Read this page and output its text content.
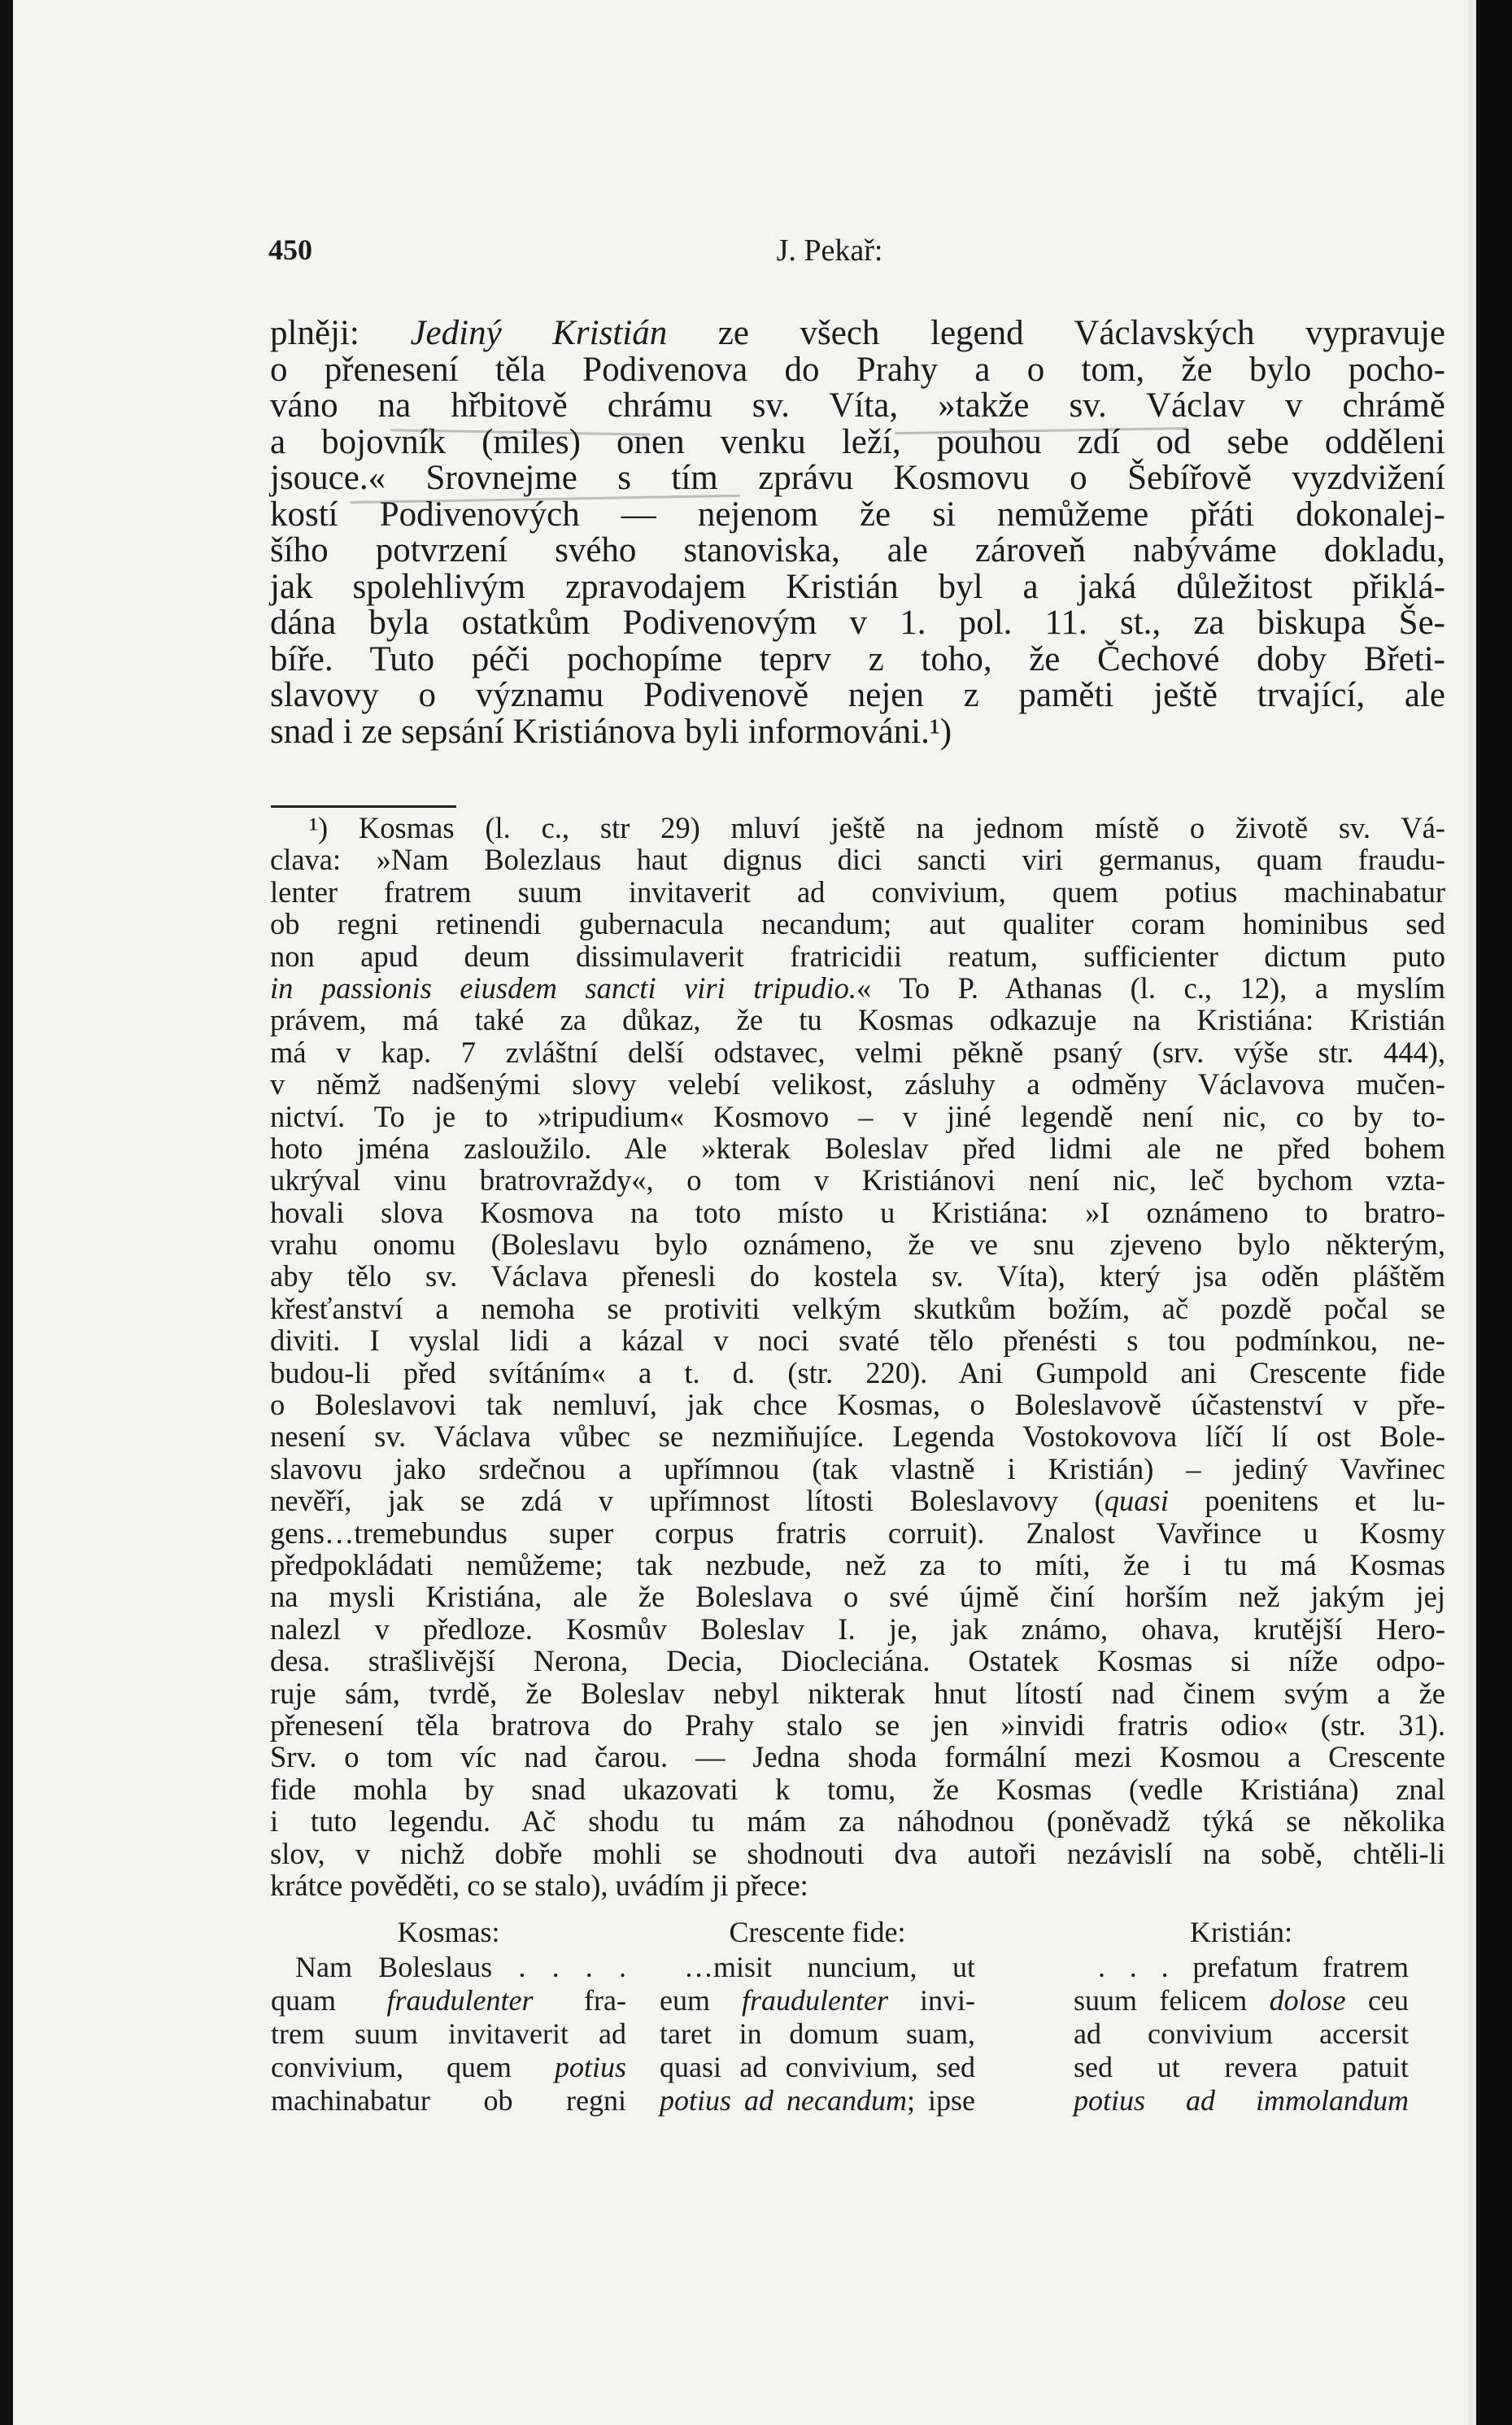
450	J. Pekař:
plněji: Jediný Kristián ze všech legend Václavských vypravuje
o přenesení těla Podivenova do Prahy a o tom, že bylo pocho-
váno na hřbitově chrámu sv. Víta, »takže sv. Václav v chrámě
a bojovník (miles) onen venku leží, pouhou zdí od sebe odděleni
jsouce.« Srovnejme s tím zprávu Kosmovu o Šebířově vyzdvižení
kostí Podivenových — nejenom že si nemůžeme přáti dokonalej-
šího potvrzení svého stanoviska, ale zároveň nabýváme dokladu,
jak spolehlivým zpravodajem Kristián byl a jaká důležitost přiklá-
dána byla ostatkům Podivenovým v 1. pol. 11. st., za biskupa Še-
bíře. Tuto péči pochopíme teprv z toho, že Čechové doby Břeti-
slavovy o významu Podivenově nejen z paměti ještě trvající, ale
snad i ze sepsání Kristiánova byli informováni.¹)
¹) Kosmas (l. c., str 29) mluví ještě na jednom místě o životě sv. Vá-
clava: »Nam Bolezlaus haut dignus dici sancti viri germanus, quam fraudu-
lenter fratrem suum invitaverit ad convivium, quem potius machinabatur
ob regni retinendi gubernacula necandum; aut qualiter coram hominibus sed
non apud deum dissimulaverit fratricidii reatum, sufficienter dictum puto
in passionis eiusdem sancti viri tripudio.« To P. Athanas (l. c., 12), a myslím
právem, má také za důkaz, že tu Kosmas odkazuje na Kristiána: Kristián
má v kap. 7 zvláštní delší odstavec, velmi pěkně psaný (srv. výše str. 444),
v němž nadšenými slovy velebí velikost, zásluhy a odměny Václavova mučen-
nictví. To je to »tripudium« Kosmovo – v jiné legendě není nic, co by to-
hoto jména zasloužilo. Ale »kterak Boleslav před lidmi ale ne před bohem
ukrýval vinu bratrovraždy«, o tom v Kristiánovi není nic, leč bychom vzta-
hovali slova Kosmova na toto místo u Kristiána: »I oznámeno to bratro-
vrahu onomu (Boleslavu bylo oznámeno, že ve snu zjeveno bylo některým,
aby tělo sv. Václava přenesli do kostela sv. Víta), který jsa oděn pláštěm
křesťanství a nemoha se protiviti velkým skutkům božím, ač pozdě počal se
diviti. I vyslal lidi a kázal v noci svaté tělo přenésti s tou podmínkou, ne-
budou-li před svítáním« a t. d. (str. 220). Ani Gumpold ani Crescente fide
o Boleslavovi tak nemluví, jak chce Kosmas, o Boleslavově účastenství v pře-
nesení sv. Václava vůbec se nezmiňujíce. Legenda Vostokovova líčí lí ost Bole-
slavovu jako srdečnou a upřímnou (tak vlastně i Kristián) – jediný Vavřinec
nevěří, jak se zdá v upřímnost lítosti Boleslavovy (quasi poenitens et lu-
gens…tremebundus super corpus fratris corruit). Znalost Vavřince u Kosmy
předpokládati nemůžeme; tak nezbude, než za to míti, že i tu má Kosmas
na mysli Kristiána, ale že Boleslava o své újmě činí horším než jakým jej
nalezl v předloze. Kosmův Boleslav I. je, jak známo, ohava, krutější Hero-
desa. strašlivější Nerona, Decia, Diocleciána. Ostatek Kosmas si níže odpo-
ruje sám, tvrdě, že Boleslav nebyl nikterak hnut lítostí nad činem svým a že
přenesení těla bratrova do Prahy stalo se jen »invidi fratris odio« (str. 31).
Srv. o tom víc nad čarou. — Jedna shoda formální mezi Kosmou a Crescente
fide mohla by snad ukazovati k tomu, že Kosmas (vedle Kristiána) znal
i tuto legendu. Ač shodu tu mám za náhodnou (poněvadž týká se několika
slov, v nichž dobře mohli se shodnouti dva autoři nezávislí na sobě, chtěli-li
krátce pověděti, co se stalo), uvádím ji přece:
Kosmas:
Nam Boleslaus . . . .
quam fraudulenter fra-
trem suum invitaverit ad
convivium, quem potius
machinabatur ob regni
Crescente fide:
…misit nuncium, ut
eum fraudulenter invi-
taret in domum suam,
quasi ad convivium, sed
potius ad necandum; ipse
Kristián:
. . . prefatum fratrem
suum felicem dolose ceu
ad convivium accersit
sed ut revera patuit
potius ad immolandum
